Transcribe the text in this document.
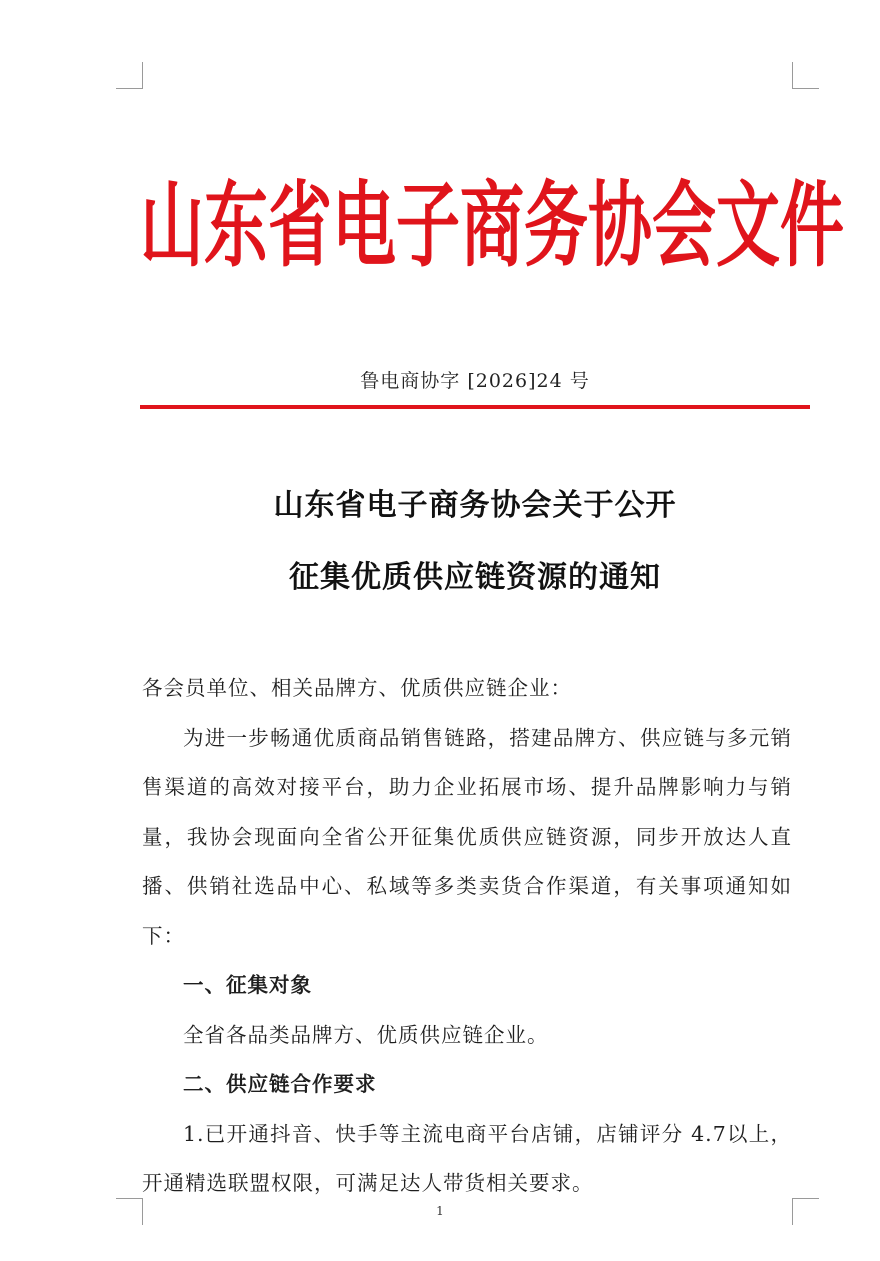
山 东 省 电 子 商 务 协 会 文 件
鲁电商协字 [2026]24 号
山东省电子商务协会关于公开
征集优质供应链资源的通知

各会员单位、相关品牌方、优质供应链企业：

为进一步畅通优质商品销售链路，搭建品牌方、供应链与多元销售渠道的高效对接平台，助力企业拓展市场、提升品牌影响力与销量，我协会现面向全省公开征集优质供应链资源，同步开放达人直播、供销社选品中心、私域等多类卖货合作渠道，有关事项通知如下：

一、征集对象

全省各品类品牌方、优质供应链企业。

二、供应链合作要求

1.已开通抖音、快手等主流电商平台店铺，店铺评分 4.7以上，开通精选联盟权限，可满足达人带货相关要求。

1
